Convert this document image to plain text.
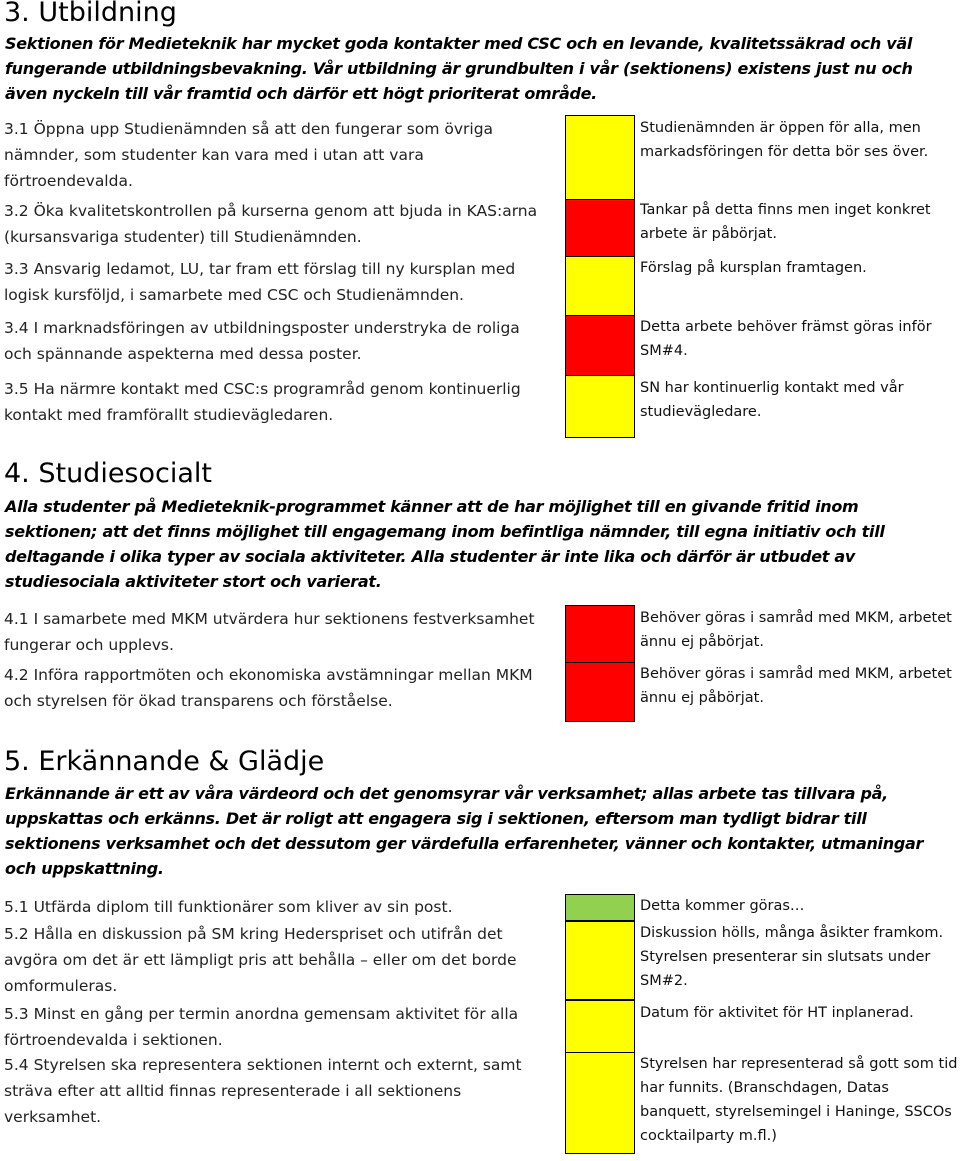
3. Utbildning

Sektionen för Medieteknik har mycket goda kontakter med CSC och en levande, kvalitetssäkrad och väl fungerande utbildningsbevakning. Vår utbildning är grundbulten i vår (sektionens) existens just nu och även nyckeln till vår framtid och därför ett högt prioriterat område.

3.1 Öppna upp Studienämnden så att den fungerar som övriga nämnder, som studenter kan vara med i utan att vara förtroendevalda.

Studienämnden är öppen för alla, men markadsföringen för detta bör ses över.

3.2 Öka kvalitetskontrollen på kurserna genom att bjuda in KAS:arna (kursansvariga studenter) till Studienämnden.

Tankar på detta finns men inget konkret arbete är påbörjat.

3.3 Ansvarig ledamot, LU, tar fram ett förslag till ny kursplan med logisk kursföljd, i samarbete med CSC och Studienämnden.

Förslag på kursplan framtagen.

3.4 I marknadsföringen av utbildningsposter understryka de roliga och spännande aspekterna med dessa poster.

Detta arbete behöver främst göras inför SM#4.

3.5 Ha närmre kontakt med CSC:s programråd genom kontinuerlig kontakt med framförallt studievägledaren.

SN har kontinuerlig kontakt med vår studievägledare.

4. Studiesocialt

Alla studenter på Medieteknik-programmet känner att de har möjlighet till en givande fritid inom sektionen; att det finns möjlighet till engagemang inom befintliga nämnder, till egna initiativ och till deltagande i olika typer av sociala aktiviteter. Alla studenter är inte lika och därför är utbudet av studiesociala aktiviteter stort och varierat.

4.1 I samarbete med MKM utvärdera hur sektionens festverksamhet fungerar och upplevs.

Behöver göras i samråd med MKM, arbetet ännu ej påbörjat.

4.2 Införa rapportmöten och ekonomiska avstämningar mellan MKM och styrelsen för ökad transparens och förståelse.

Behöver göras i samråd med MKM, arbetet ännu ej påbörjat.

5. Erkännande & Glädje

Erkännande är ett av våra värdeord och det genomsyrar vår verksamhet; allas arbete tas tillvara på, uppskattas och erkänns. Det är roligt att engagera sig i sektionen, eftersom man tydligt bidrar till sektionens verksamhet och det dessutom ger värdefulla erfarenheter, vänner och kontakter, utmaningar och uppskattning.

5.1 Utfärda diplom till funktionärer som kliver av sin post.	Detta kommer göras…

5.2 Hålla en diskussion på SM kring Hederspriset och utifrån det avgöra om det är ett lämpligt pris att behålla – eller om det borde omformuleras.

Diskussion hölls, många åsikter framkom. Styrelsen presenterar sin slutsats under SM#2.

5.3 Minst en gång per termin anordna gemensam aktivitet för alla förtroendevalda i sektionen.

Datum för aktivitet för HT inplanerad.

5.4 Styrelsen ska representera sektionen internt och externt, samt sträva efter att alltid finnas representerade i all sektionens verksamhet.

Styrelsen har representerad så gott som tid har funnits. (Branschdagen, Datas banquett, styrelsemingel i Haninge, SSCOs cocktailparty m.fl.)
